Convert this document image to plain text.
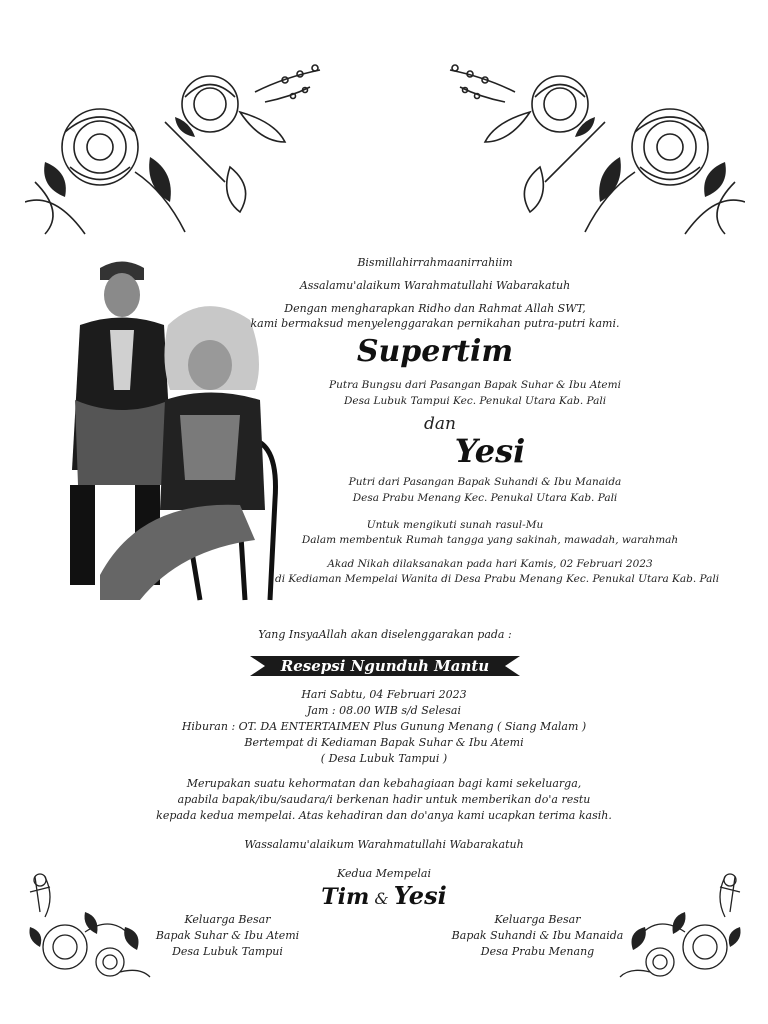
Bismillahirrahmaanirrahiim
Assalamu'alaikum Warahmatullahi Wabarakatuh
Dengan mengharapkan Ridho dan Rahmat Allah SWT,
kami bermaksud menyelenggarakan pernikahan putra-putri kami.
Supertim
Putra Bungsu dari Pasangan Bapak Suhar & Ibu Atemi
Desa Lubuk Tampui Kec. Penukal Utara Kab. Pali
dan
Yesi
Putri dari Pasangan Bapak Suhandi & Ibu Manaida
Desa Prabu Menang Kec. Penukal Utara Kab. Pali
Untuk mengikuti sunah rasul-Mu
Dalam membentuk Rumah tangga yang sakinah, mawadah, warahmah
Akad Nikah dilaksanakan pada hari Kamis, 02 Februari 2023
di Kediaman Mempelai Wanita di Desa Prabu Menang Kec. Penukal Utara Kab. Pali
Yang InsyaAllah akan diselenggarakan pada :
Resepsi Ngunduh Mantu
Hari Sabtu, 04 Februari 2023
Jam : 08.00 WIB s/d Selesai
Hiburan : OT. DA ENTERTAIMEN Plus Gunung Menang ( Siang Malam )
Bertempat di Kediaman Bapak Suhar & Ibu Atemi
( Desa Lubuk Tampui )
Merupakan suatu kehormatan dan kebahagiaan bagi kami sekeluarga,
apabila bapak/ibu/saudara/i berkenan hadir untuk memberikan do'a restu
kepada kedua mempelai. Atas kehadiran dan do'anya kami ucapkan terima kasih.
Wassalamu'alaikum Warahmatullahi Wabarakatuh
Kedua Mempelai
Tim & Yesi
Keluarga Besar
Bapak Suhar & Ibu Atemi
Desa Lubuk Tampui
Keluarga Besar
Bapak Suhandi & Ibu Manaida
Desa Prabu Menang
